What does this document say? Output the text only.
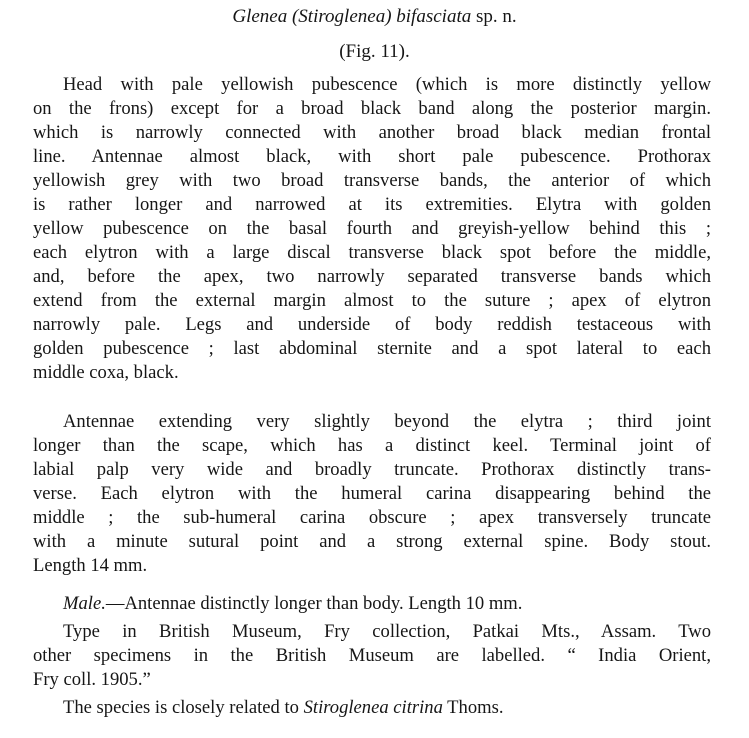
Glenea (Stiroglenea) bifasciata sp. n.
(Fig. 11).
Head with pale yellowish pubescence (which is more distinctly yellow
on the frons) except for a broad black band along the posterior margin.
which is narrowly connected with another broad black median frontal
line. Antennae almost black, with short pale pubescence. Prothorax
yellowish grey with two broad transverse bands, the anterior of which
is rather longer and narrowed at its extremities. Elytra with golden
yellow pubescence on the basal fourth and greyish-yellow behind this ;
each elytron with a large discal transverse black spot before the middle,
and, before the apex, two narrowly separated transverse bands which
extend from the external margin almost to the suture ; apex of elytron
narrowly pale. Legs and underside of body reddish testaceous with
golden pubescence ; last abdominal sternite and a spot lateral to each
middle coxa, black.
Antennae extending very slightly beyond the elytra ; third joint
longer than the scape, which has a distinct keel. Terminal joint of
labial palp very wide and broadly truncate. Prothorax distinctly trans-
verse. Each elytron with the humeral carina disappearing behind the
middle ; the sub-humeral carina obscure ; apex transversely truncate
with a minute sutural point and a strong external spine. Body stout.
Length 14 mm.
Male.—Antennae distinctly longer than body. Length 10 mm.
Type in British Museum, Fry collection, Patkai Mts., Assam. Two
other specimens in the British Museum are labelled. “ India Orient,
Fry coll. 1905.”
The species is closely related to Stiroglenea citrina Thoms.
